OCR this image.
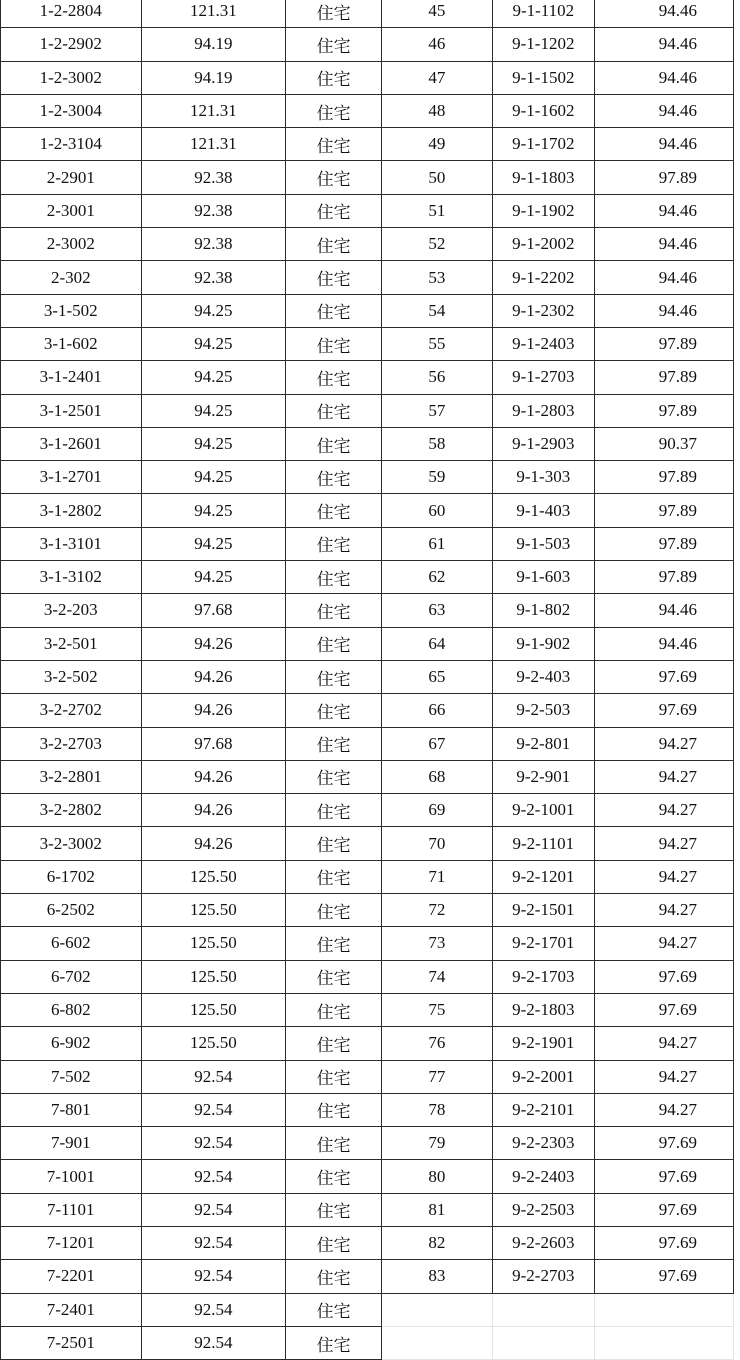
	1-2-2804	121.31	住宅	45	9-1-1102	94.46
	1-2-2902	94.19	住宅	46	9-1-1202	94.46
	1-2-3002	94.19	住宅	47	9-1-1502	94.46
	1-2-3004	121.31	住宅	48	9-1-1602	94.46
	1-2-3104	121.31	住宅	49	9-1-1702	94.46
	2-2901	92.38	住宅	50	9-1-1803	97.89
	2-3001	92.38	住宅	51	9-1-1902	94.46
	2-3002	92.38	住宅	52	9-1-2002	94.46
	2-302	92.38	住宅	53	9-1-2202	94.46
	3-1-502	94.25	住宅	54	9-1-2302	94.46
	3-1-602	94.25	住宅	55	9-1-2403	97.89
	3-1-2401	94.25	住宅	56	9-1-2703	97.89
	3-1-2501	94.25	住宅	57	9-1-2803	97.89
	3-1-2601	94.25	住宅	58	9-1-2903	90.37
	3-1-2701	94.25	住宅	59	9-1-303	97.89
	3-1-2802	94.25	住宅	60	9-1-403	97.89
	3-1-3101	94.25	住宅	61	9-1-503	97.89
	3-1-3102	94.25	住宅	62	9-1-603	97.89
	3-2-203	97.68	住宅	63	9-1-802	94.46
	3-2-501	94.26	住宅	64	9-1-902	94.46
	3-2-502	94.26	住宅	65	9-2-403	97.69
	3-2-2702	94.26	住宅	66	9-2-503	97.69
	3-2-2703	97.68	住宅	67	9-2-801	94.27
	3-2-2801	94.26	住宅	68	9-2-901	94.27
	3-2-2802	94.26	住宅	69	9-2-1001	94.27
	3-2-3002	94.26	住宅	70	9-2-1101	94.27
	6-1702	125.50	住宅	71	9-2-1201	94.27
	6-2502	125.50	住宅	72	9-2-1501	94.27
	6-602	125.50	住宅	73	9-2-1701	94.27
	6-702	125.50	住宅	74	9-2-1703	97.69
	6-802	125.50	住宅	75	9-2-1803	97.69
	6-902	125.50	住宅	76	9-2-1901	94.27
	7-502	92.54	住宅	77	9-2-2001	94.27
	7-801	92.54	住宅	78	9-2-2101	94.27
	7-901	92.54	住宅	79	9-2-2303	97.69
	7-1001	92.54	住宅	80	9-2-2403	97.69
	7-1101	92.54	住宅	81	9-2-2503	97.69
	7-1201	92.54	住宅	82	9-2-2603	97.69
	7-2201	92.54	住宅	83	9-2-2703	97.69
	7-2401	92.54	住宅			
	7-2501	92.54	住宅			
